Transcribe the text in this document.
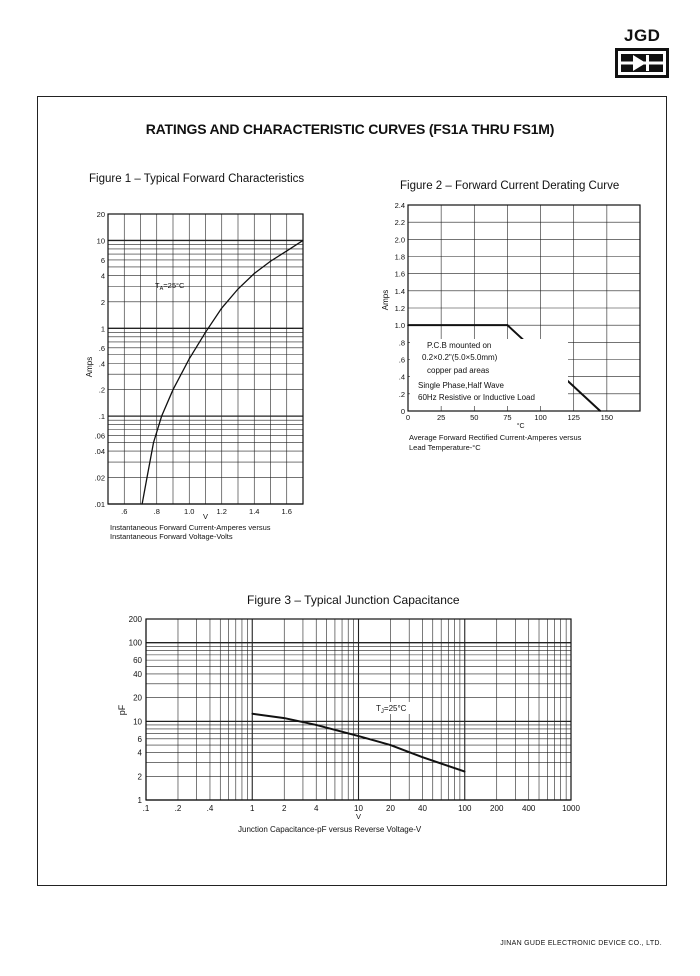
JGD
RATINGS AND CHARACTERISTIC CURVES (FS1A THRU FS1M)
Figure 1 – Typical Forward Characteristics
Figure 2 – Forward Current Derating Curve
Figure 3 – Typical Junction Capacitance
20
10
6
4
2
1
.6
.4
.2
.1
.06
.04
.02
.01
.6	.8	1.0	1.2	1.4	1.6
V
Amps
$T_A=25^\circ C$
Instantaneous Forward Current-Amperes versus
Instantaneous Forward Voltage-Volts
2.4
2.2
2.0
1.8
1.6
1.4
1.2
1.0
.8
.6
.4
.2
0
0	25	50	75	100	125	150
°C
Amps
P.C.B mounted on
0.2×0.2"(5.0×5.0mm)
copper pad areas
Single Phase,Half Wave
60Hz Resistive or Inductive Load
Average Forward Rectified Current-Amperes versus
Lead Temperature-°C
200
100
60
40
20
10
6
4
2
1
.1	.2	.4	1	2	4	10	20	40	100 200 400	1000
V
pF	$T_J=25^\circ C$
Junction Capacitance-pF versus Reverse Voltage-V
JINAN GUDE ELECTRONIC DEVICE CO., LTD.
